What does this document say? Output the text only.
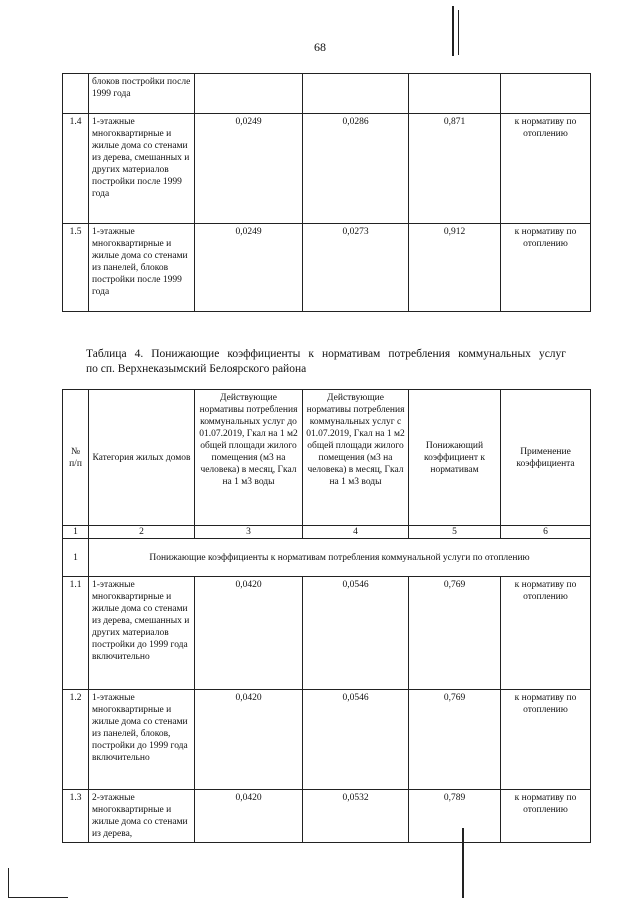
68
	блоков постройки после 1999 года				
1.4	1-этажные многоквартирные и жилые дома со стенами из дерева, смешанных и других материалов постройки после 1999 года	0,0249	0,0286	0,871	к нормативу по отоплению
1.5	1-этажные многоквартирные и жилые дома со стенами из панелей, блоков постройки после 1999 года	0,0249	0,0273	0,912	к нормативу по отоплению
Таблица 4. Понижающие коэффициенты к нормативам потребления коммунальных услуг
по сп. Верхнеказымский Белоярского района
№ п/п	Категория жилых домов	Действующие нормативы потребления коммунальных услуг до 01.07.2019, Гкал на 1 м2 общей площади жилого помещения (м3 на человека) в месяц, Гкал на 1 м3 воды	Действующие нормативы потребления коммунальных услуг с 01.07.2019, Гкал на 1 м2 общей площади жилого помещения (м3 на человека) в месяц, Гкал на 1 м3 воды	Понижающий коэффициент к нормативам	Применение коэффициента
1	2	3	4	5	6
1	Понижающие коэффициенты к нормативам потребления коммунальной услуги по отоплению				
1.1	1-этажные многоквартирные и жилые дома со стенами из дерева, смешанных и других материалов постройки до 1999 года включительно	0,0420	0,0546	0,769	к нормативу по отоплению
1.2	1-этажные многоквартирные и жилые дома со стенами из панелей, блоков, постройки до 1999 года включительно	0,0420	0,0546	0,769	к нормативу по отоплению
1.3	2-этажные многоквартирные и жилые дома со стенами из дерева,	0,0420	0,0532	0,789	к нормативу по отоплению
